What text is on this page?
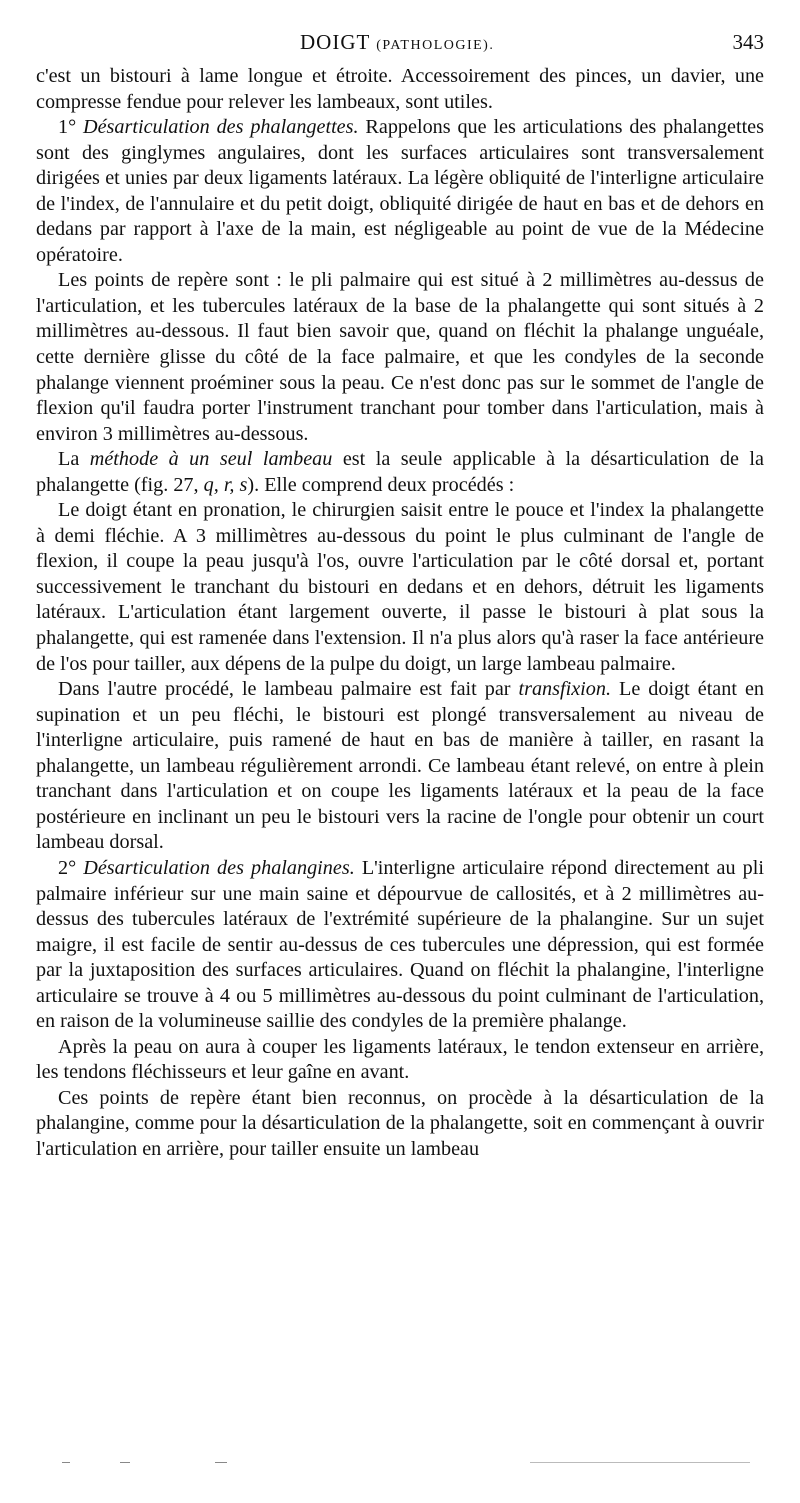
DOIGT (PATHOLOGIE).	343

c'est un bistouri à lame longue et étroite. Accessoirement des pinces, un davier, une compresse fendue pour relever les lambeaux, sont utiles.

1° Désarticulation des phalangettes. Rappelons que les articulations des phalangettes sont des ginglymes angulaires, dont les surfaces articulaires sont transversalement dirigées et unies par deux ligaments latéraux. La légère obliquité de l'interligne articulaire de l'index, de l'annulaire et du petit doigt, obliquité dirigée de haut en bas et de dehors en dedans par rapport à l'axe de la main, est négligeable au point de vue de la Médecine opératoire.

Les points de repère sont : le pli palmaire qui est situé à 2 millimètres au-dessus de l'articulation, et les tubercules latéraux de la base de la phalangette qui sont situés à 2 millimètres au-dessous. Il faut bien savoir que, quand on fléchit la phalange unguéale, cette dernière glisse du côté de la face palmaire, et que les condyles de la seconde phalange viennent proéminer sous la peau. Ce n'est donc pas sur le sommet de l'angle de flexion qu'il faudra porter l'instrument tranchant pour tomber dans l'articulation, mais à environ 3 millimètres au-dessous.

La méthode à un seul lambeau est la seule applicable à la désarticulation de la phalangette (fig. 27, q, r, s). Elle comprend deux procédés :

Le doigt étant en pronation, le chirurgien saisit entre le pouce et l'index la phalangette à demi fléchie. A 3 millimètres au-dessous du point le plus culminant de l'angle de flexion, il coupe la peau jusqu'à l'os, ouvre l'articulation par le côté dorsal et, portant successivement le tranchant du bistouri en dedans et en dehors, détruit les ligaments latéraux. L'articulation étant largement ouverte, il passe le bistouri à plat sous la phalangette, qui est ramenée dans l'extension. Il n'a plus alors qu'à raser la face antérieure de l'os pour tailler, aux dépens de la pulpe du doigt, un large lambeau palmaire.

Dans l'autre procédé, le lambeau palmaire est fait par transfixion. Le doigt étant en supination et un peu fléchi, le bistouri est plongé transversalement au niveau de l'interligne articulaire, puis ramené de haut en bas de manière à tailler, en rasant la phalangette, un lambeau régulièrement arrondi. Ce lambeau étant relevé, on entre à plein tranchant dans l'articulation et on coupe les ligaments latéraux et la peau de la face postérieure en inclinant un peu le bistouri vers la racine de l'ongle pour obtenir un court lambeau dorsal.

2° Désarticulation des phalangines. L'interligne articulaire répond directement au pli palmaire inférieur sur une main saine et dépourvue de callosités, et à 2 millimètres au-dessus des tubercules latéraux de l'extrémité supérieure de la phalangine. Sur un sujet maigre, il est facile de sentir au-dessus de ces tubercules une dépression, qui est formée par la juxtaposition des surfaces articulaires. Quand on fléchit la phalangine, l'interligne articulaire se trouve à 4 ou 5 millimètres au-dessous du point culminant de l'articulation, en raison de la volumineuse saillie des condyles de la première phalange.

Après la peau on aura à couper les ligaments latéraux, le tendon extenseur en arrière, les tendons fléchisseurs et leur gaîne en avant.

Ces points de repère étant bien reconnus, on procède à la désarticulation de la phalangine, comme pour la désarticulation de la phalangette, soit en commençant à ouvrir l'articulation en arrière, pour tailler ensuite un lambeau
